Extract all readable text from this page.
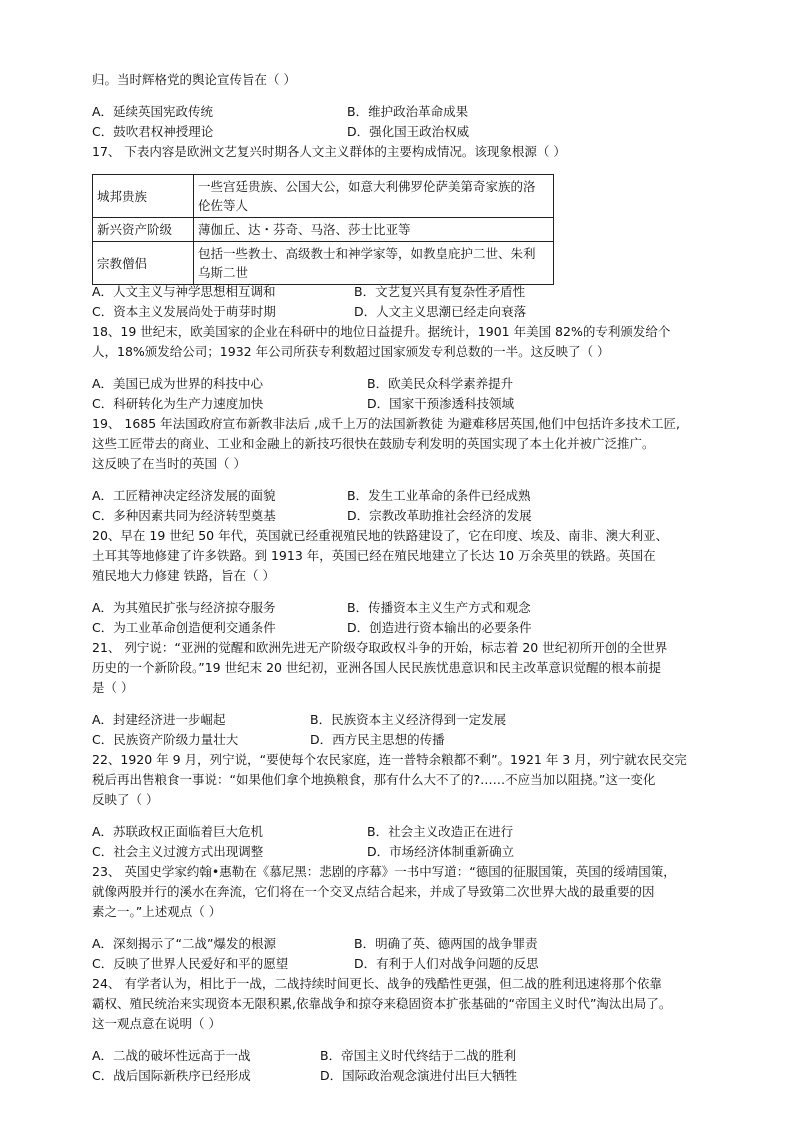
归。当时辉格党的舆论宣传旨在（ ）
A．延续英国宪政传统	B．维护政治革命成果
C．鼓吹君权神授理论	D．强化国王政治权威
17、 下表内容是欧洲文艺复兴时期各人文主义群体的主要构成情况。该现象根源（ ）
城邦贵族	一些宫廷贵族、公国大公，如意大利佛罗伦萨美第奇家族的洛
伦佐等人

新兴资产阶级	薄伽丘、达・芬奇、马洛、莎士比亚等
宗教僧侣	包括一些教士、高级教士和神学家等，如教皇庇护二世、朱利
乌斯二世
A．人文主义与神学思想相互调和	B．文艺复兴具有复杂性矛盾性
C．资本主义发展尚处于萌芽时期	D．人文主义思潮已经走向衰落
18、19 世纪末，欧美国家的企业在科研中的地位日益提升。据统计，1901 年美国 82%的专利颁发给个
人，18%颁发给公司；1932 年公司所获专利数超过国家颁发专利总数的一半。这反映了（ ）
A．美国已成为世界的科技中心	B．欧美民众科学素养提升
C．科研转化为生产力速度加快	D．国家干预渗透科技领域
19、 1685 年法国政府宣布新教非法后 ,成千上万的法国新教徒 为避难移居英国,他们中包括许多技术工匠,
这些工匠带去的商业、工业和金融上的新技巧很快在鼓励专利发明的英国实现了本土化并被广泛推广。
这反映了在当时的英国（ ）
A．工匠精神决定经济发展的面貌	B．发生工业革命的条件已经成熟
C．多种因素共同为经济转型奠基	D．宗教改革助推社会经济的发展
20、早在 19 世纪 50 年代，英国就已经重视殖民地的铁路建设了，它在印度、埃及、南非、澳大利亚、
土耳其等地修建了许多铁路。到 1913 年，英国已经在殖民地建立了长达 10 万余英里的铁路。英国在
殖民地大力修建 铁路，旨在（ ）
A．为其殖民扩张与经济掠夺服务	B．传播资本主义生产方式和观念
C．为工业革命创造便利交通条件	D．创造进行资本输出的必要条件
21、 列宁说：“亚洲的觉醒和欧洲先进无产阶级夺取政权斗争的开始，标志着 20 世纪初所开创的全世界
历史的一个新阶段。”19 世纪末 20 世纪初，亚洲各国人民民族忧患意识和民主改革意识觉醒的根本前提
是（ ）
A．封建经济进一步崛起	B．民族资本主义经济得到一定发展
C．民族资产阶级力量壮大	D．西方民主思想的传播
22、1920 年 9 月，列宁说，“要使每个农民家庭，连一普特余粮都不剩”。1921 年 3 月，列宁就农民交完
税后再出售粮食一事说：“如果他们拿个地换粮食，那有什么大不了的?……不应当加以阻挠。”这一变化
反映了（ ）
A．苏联政权正面临着巨大危机	B．社会主义改造正在进行
C．社会主义过渡方式出现调整	D．市场经济体制重新确立
23、 英国史学家约翰•惠勒在《慕尼黑：悲剧的序幕》一书中写道：“德国的征服国策，英国的绥靖国策，
就像两股并行的溪水在奔流，它们将在一个交叉点结合起来，并成了导致第二次世界大战的最重要的因
素之一。”上述观点（ ）
A．深刻揭示了“二战”爆发的根源	B．明确了英、德两国的战争罪责
C．反映了世界人民爱好和平的愿望	D．有利于人们对战争问题的反思
24、 有学者认为，相比于一战，二战持续时间更长、战争的残酷性更强，但二战的胜利迅速将那个依靠
霸权、殖民统治来实现资本无限积累,依靠战争和掠夺来稳固资本扩张基础的“帝国主义时代”淘汰出局了。
这一观点意在说明（ ）
A．二战的破坏性远高于一战	B．帝国主义时代终结于二战的胜利
C．战后国际新秩序已经形成	D．国际政治观念演进付出巨大牺牲
